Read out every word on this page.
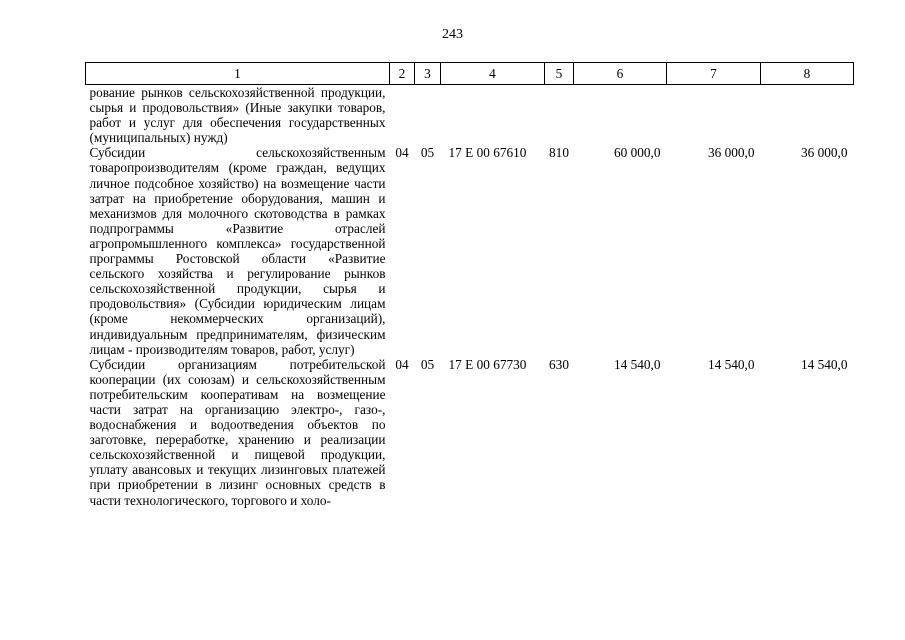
243
1	2	3	4	5	6	7	8
рование рынков сельскохозяйственной продукции, сырья и продовольствия» (Иные закупки товаров, работ и услуг для обеспечения государственных (муниципальных) нужд)							
Субсидии сельскохозяйственным товаропроизводителям (кроме граждан, ведущих личное подсобное хозяйство) на возмещение части затрат на приобретение оборудования, машин и механизмов для молочного скотоводства в рамках подпрограммы «Развитие отраслей агропромышленного комплекса» государственной программы Ростовской области «Развитие сельского хозяйства и регулирование рынков сельскохозяйственной продукции, сырья и продовольствия» (Субсидии юридическим лицам (кроме некоммерческих организаций), индивидуальным предпринимателям, физическим лицам - производителям товаров, работ, услуг)	04	05	17 Е 00 67610	810	60 000,0	36 000,0	36 000,0
Субсидии организациям потребительской кооперации (их союзам) и сельскохозяйственным потребительским кооперативам на возмещение части затрат на организацию электро-, газо-, водоснабжения и водоотведения объектов по заготовке, переработке, хранению и реализации сельскохозяйственной и пищевой продукции, уплату авансовых и текущих лизинговых платежей при приобретении в лизинг основных средств в части технологического, торгового и холо-	04	05	17 Е 00 67730	630	14 540,0	14 540,0	14 540,0
